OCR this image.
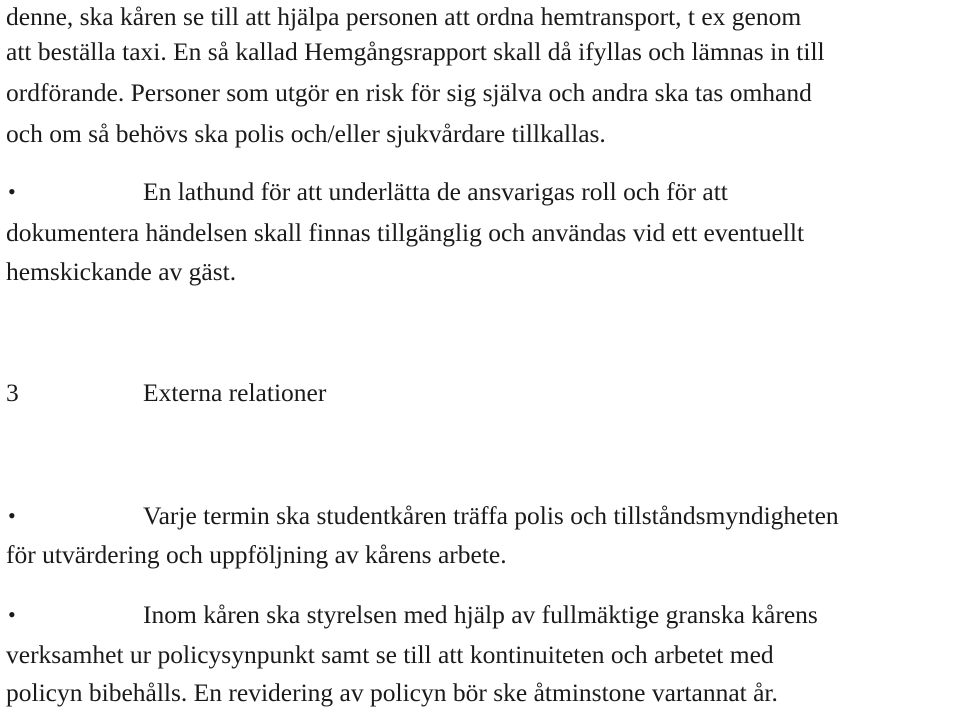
denne, ska kåren se till att hjälpa personen att ordna hemtransport, t ex genom
att beställa taxi. En så kallad Hemgångsrapport skall då ifyllas och lämnas in till
ordförande. Personer som utgör en risk för sig själva och andra ska tas omhand
och om så behövs ska polis och/eller sjukvårdare tillkallas.
•	En lathund för att underlätta de ansvarigas roll och för att
dokumentera händelsen skall finnas tillgänglig och användas vid ett eventuellt
hemskickande av gäst.
3	Externa relationer
•	Varje termin ska studentkåren träffa polis och tillståndsmyndigheten
för utvärdering och uppföljning av kårens arbete.
•	Inom kåren ska styrelsen med hjälp av fullmäktige granska kårens
verksamhet ur policysynpunkt samt se till att kontinuiteten och arbetet med
policyn bibehålls. En revidering av policyn bör ske åtminstone vartannat år.
